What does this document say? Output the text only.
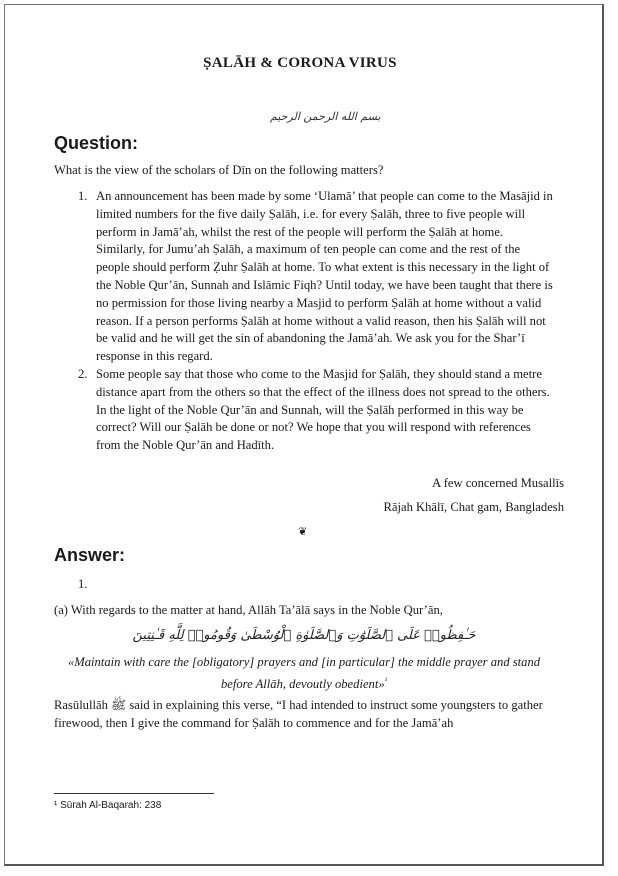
ṢALĀH & CORONA VIRUS
بسم الله الرحمن الرحيم
Question:
What is the view of the scholars of Dīn on the following matters?
1. An announcement has been made by some ‘Ulamā’ that people can come to the Masājid in limited numbers for the five daily Ṣalāh, i.e. for every Ṣalāh, three to five people will perform in Jamā’ah, whilst the rest of the people will perform the Ṣalāh at home. Similarly, for Jumu’ah Ṣalāh, a maximum of ten people can come and the rest of the people should perform Ẓuhr Ṣalāh at home. To what extent is this necessary in the light of the Noble Qur’ān, Sunnah and Islāmic Fiqh? Until today, we have been taught that there is no permission for those living nearby a Masjid to perform Ṣalāh at home without a valid reason. If a person performs Ṣalāh at home without a valid reason, then his Ṣalāh will not be valid and he will get the sin of abandoning the Jamā’ah. We ask you for the Shar’ī response in this regard.
2. Some people say that those who come to the Masjid for Ṣalāh, they should stand a metre distance apart from the others so that the effect of the illness does not spread to the others. In the light of the Noble Qur’ān and Sunnah, will the Ṣalāh performed in this way be correct? Will our Ṣalāh be done or not? We hope that you will respond with references from the Noble Qur’ān and Hadīth.
A few concerned Musallīs
Rājah Khālī, Chat gam, Bangladesh
❦
Answer:
1.
(a) With regards to the matter at hand, Allāh Ta’ālā says in the Noble Qur’ān,
حَـٰفِظُوا۟ عَلَى ٱلصَّلَوَٰتِ وَٱلصَّلَوٰةِ ٱلْوُسْطَىٰ وَقُومُوا۟ لِلَّهِ قَـٰنِتِينَ
«Maintain with care the [obligatory] prayers and [in particular] the middle prayer and stand before Allāh, devoutly obedient»$^{^1}$
Rasūlullāh ﷺ said in explaining this verse, “I had intended to instruct some youngsters to gather firewood, then I give the command for Ṣalāh to commence and for the Jamā’ah
¹ Sūrah Al-Baqarah: 238
